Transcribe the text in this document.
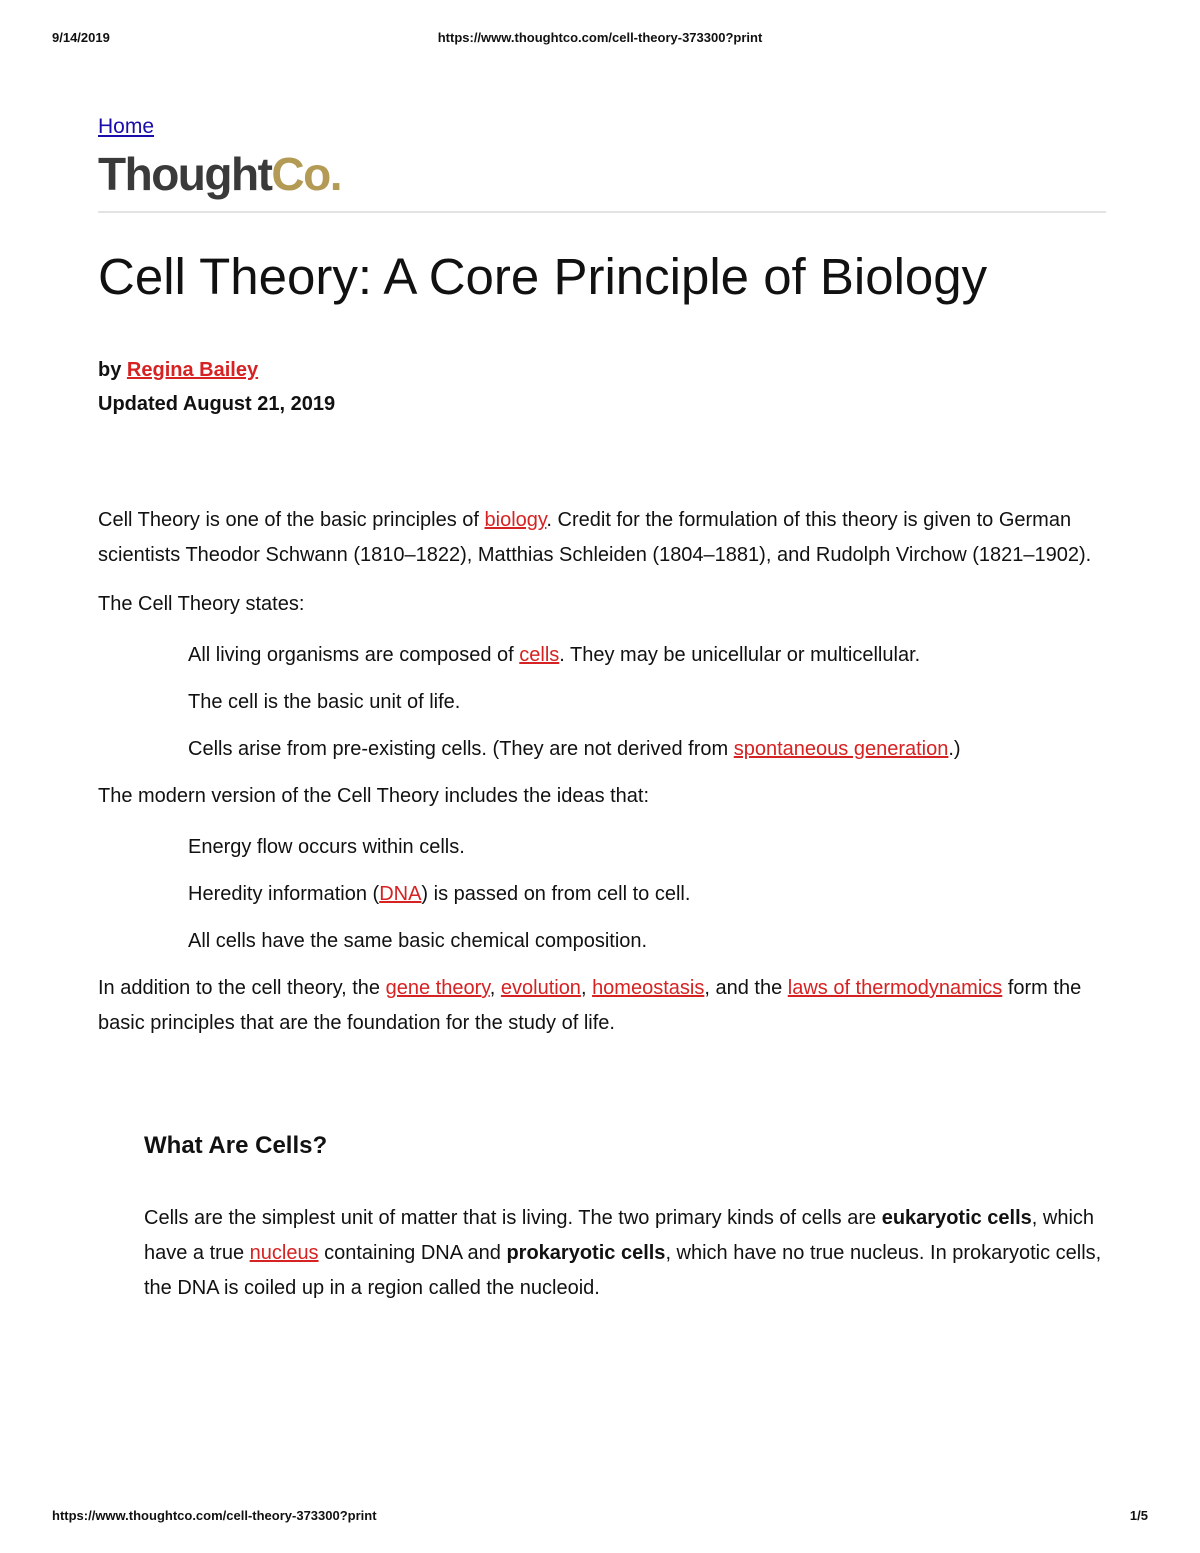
9/14/2019	https://www.thoughtco.com/cell-theory-373300?print
Home
ThoughtCo.
Cell Theory: A Core Principle of Biology
by Regina Bailey
Updated August 21, 2019

Cell Theory is one of the basic principles of biology. Credit for the formulation of this theory is given to German scientists Theodor Schwann (1810–1822), Matthias Schleiden (1804–1881), and Rudolph Virchow (1821–1902).

The Cell Theory states:

All living organisms are composed of cells. They may be unicellular or multicellular.
The cell is the basic unit of life.
Cells arise from pre-existing cells. (They are not derived from spontaneous generation.)

The modern version of the Cell Theory includes the ideas that:

Energy flow occurs within cells.
Heredity information (DNA) is passed on from cell to cell.
All cells have the same basic chemical composition.

In addition to the cell theory, the gene theory, evolution, homeostasis, and the laws of thermodynamics form the basic principles that are the foundation for the study of life.

What Are Cells?

Cells are the simplest unit of matter that is living. The two primary kinds of cells are eukaryotic cells, which have a true nucleus containing DNA and prokaryotic cells, which have no true nucleus. In prokaryotic cells, the DNA is coiled up in a region called the nucleoid.

https://www.thoughtco.com/cell-theory-373300?print	1/5
